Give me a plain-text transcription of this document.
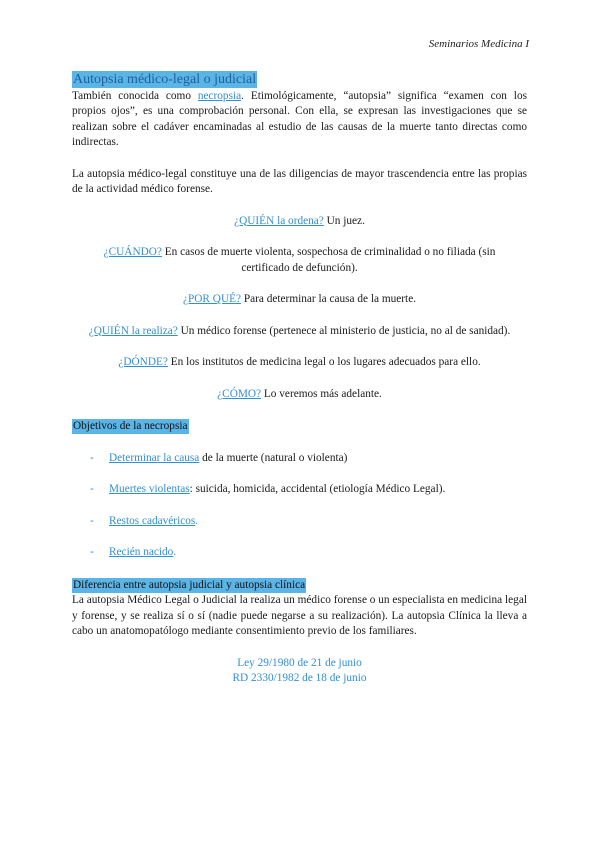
Seminarios Medicina I
Autopsia médico-legal o judicial

También conocida como necropsia. Etimológicamente, “autopsia” significa “examen con los propios ojos”, es una comprobación personal. Con ella, se expresan las investigaciones que se realizan sobre el cadáver encaminadas al estudio de las causas de la muerte tanto directas como indirectas.

La autopsia médico-legal constituye una de las diligencias de mayor trascendencia entre las propias de la actividad médico forense.

¿QUIÉN la ordena? Un juez.

¿CUÁNDO? En casos de muerte violenta, sospechosa de criminalidad o no filiada (sin certificado de defunción).

¿POR QUÉ? Para determinar la causa de la muerte.

¿QUIÉN la realiza? Un médico forense (pertenece al ministerio de justicia, no al de sanidad).

¿DÓNDE? En los institutos de medicina legal o los lugares adecuados para ello.

¿CÓMO? Lo veremos más adelante.

Objetivos de la necropsia
- Determinar la causa de la muerte (natural o violenta)
- Muertes violentas: suicida, homicida, accidental (etiología Médico Legal).
- Restos cadavéricos.
- Recién nacido.
Diferencia entre autopsia judicial y autopsia clínica

La autopsia Médico Legal o Judicial la realiza un médico forense o un especialista en medicina legal y forense, y se realiza sí o sí (nadie puede negarse a su realización). La autopsia Clínica la lleva a cabo un anatomopatólogo mediante consentimiento previo de los familiares.

Ley 29/1980 de 21 de junio

RD 2330/1982 de 18 de junio
